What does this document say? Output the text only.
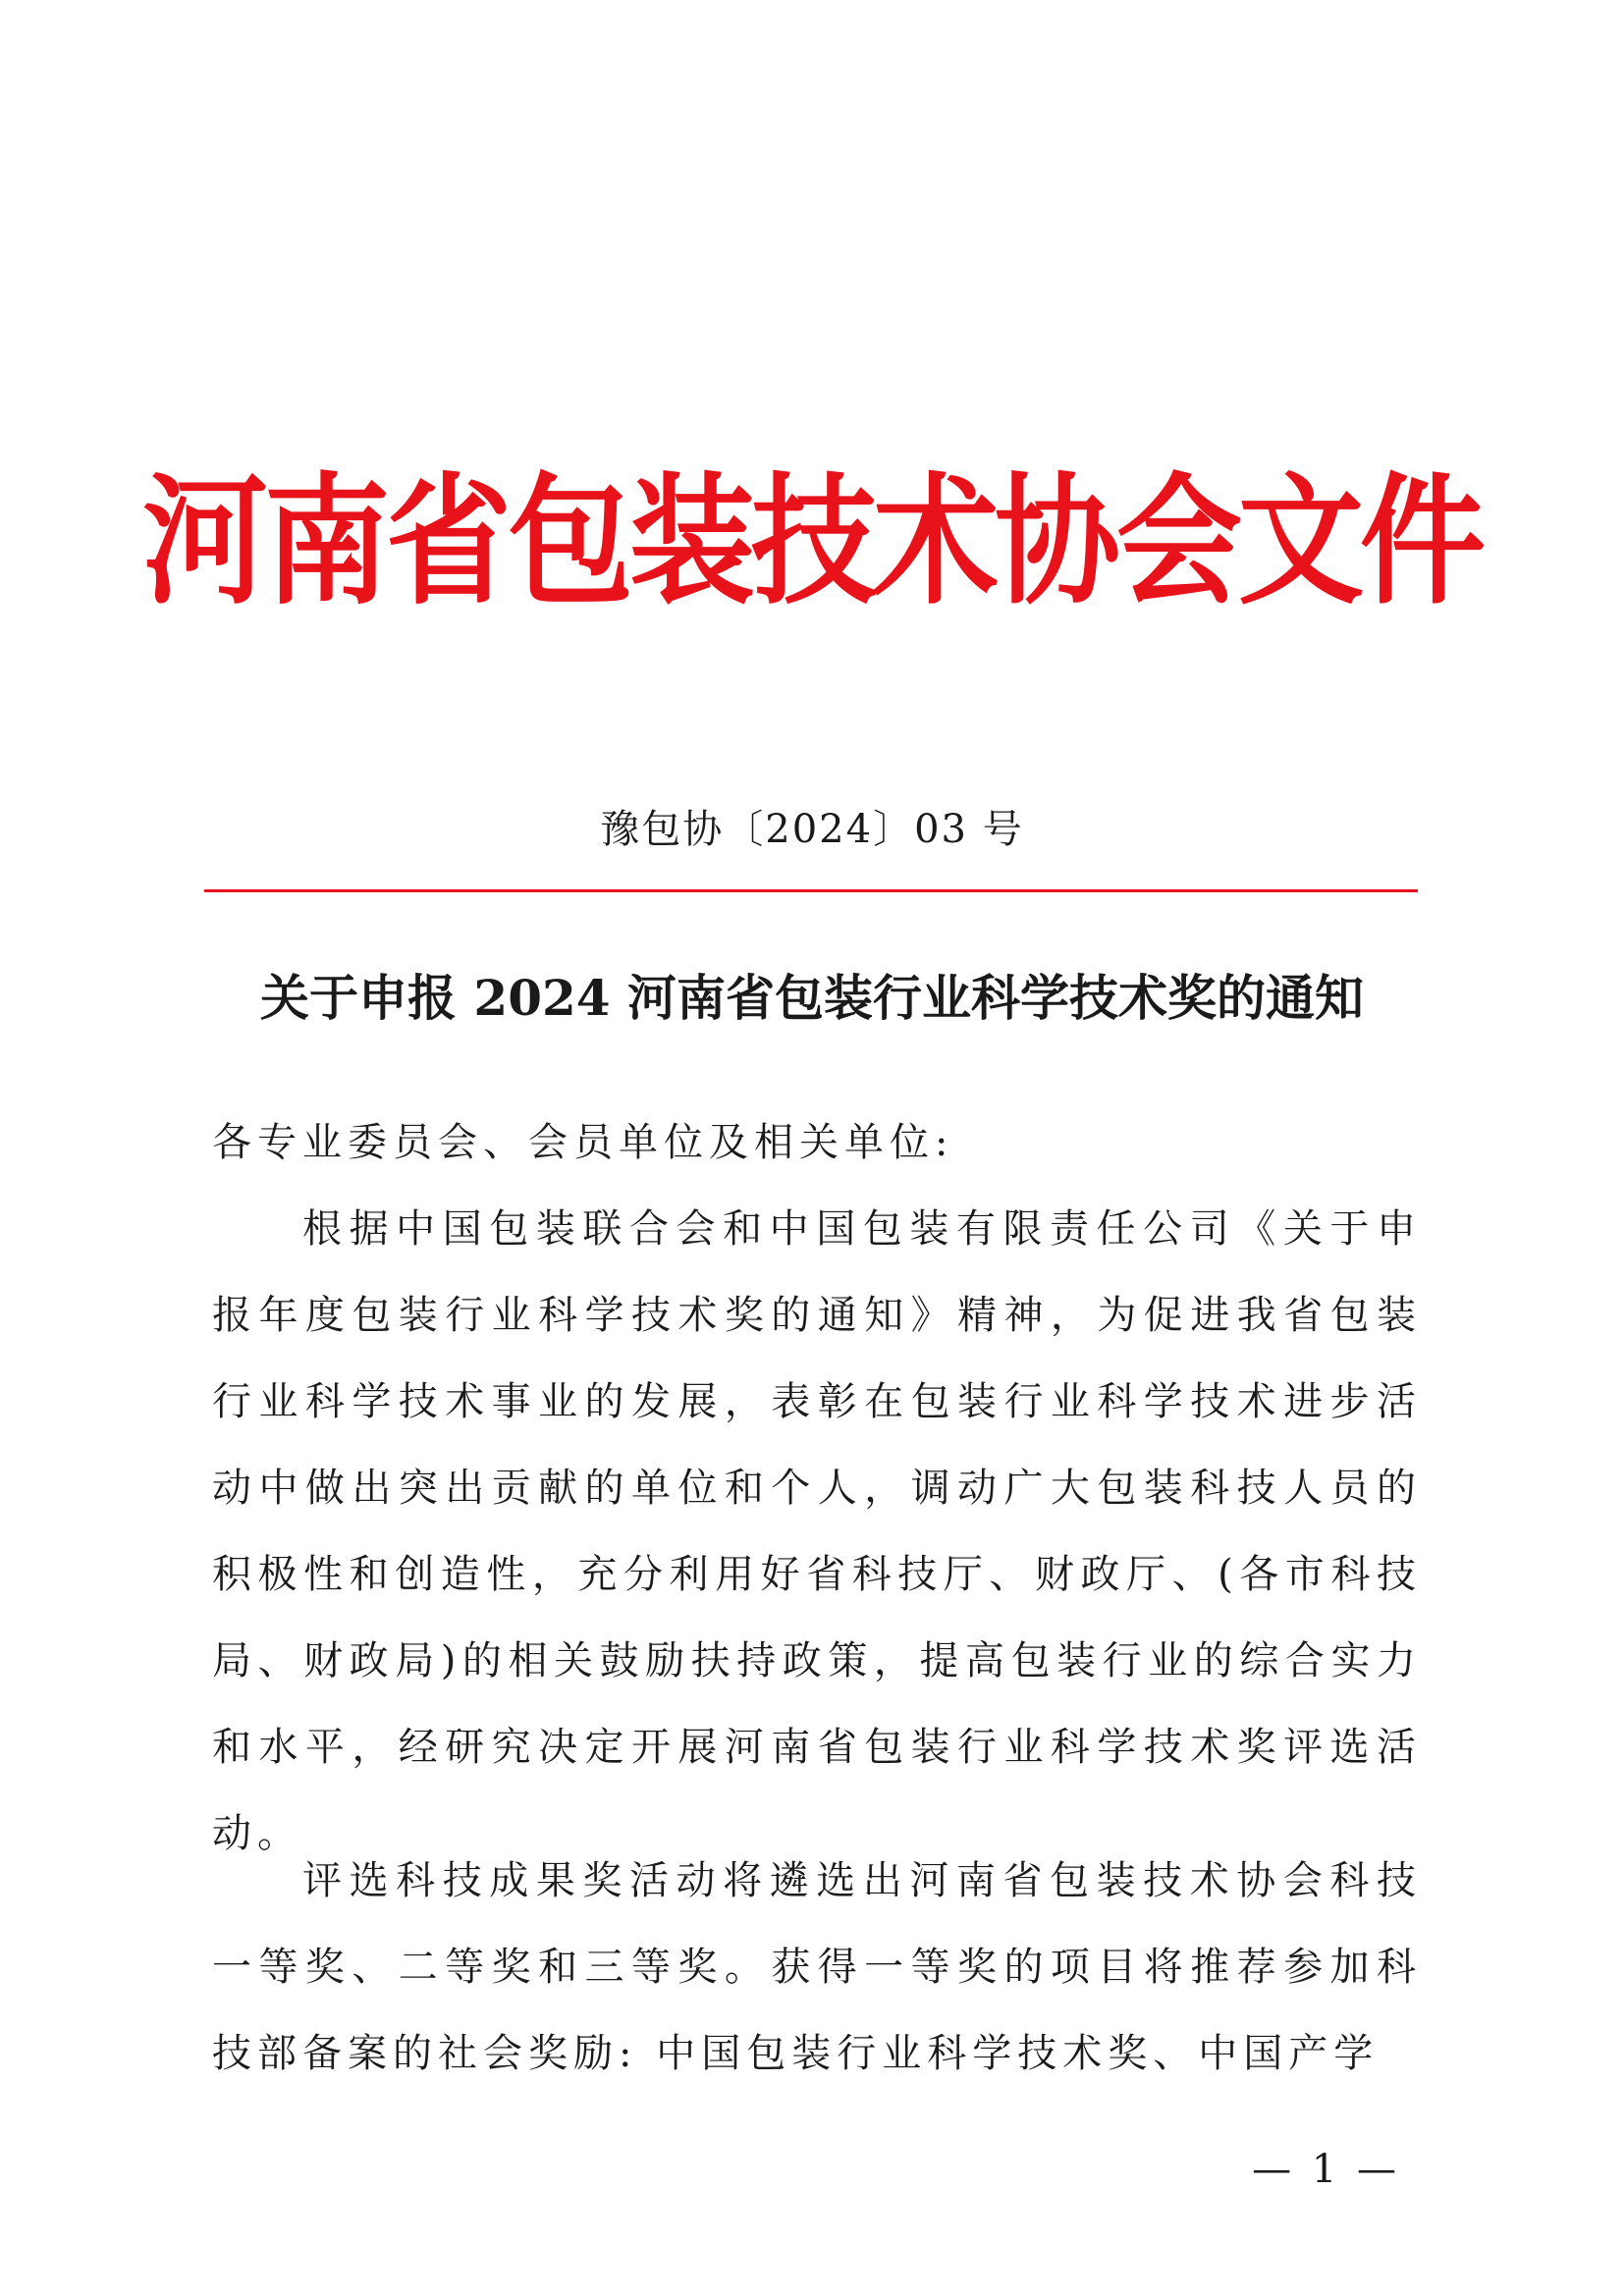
河南省包装技术协会文件
豫包协〔2024〕03 号
关于申报 2024 河南省包装行业科学技术奖的通知
各专业委员会、会员单位及相关单位:
根据中国包装联合会和中国包装有限责任公司《关于申报年度包装行业科学技术奖的通知》精神，为促进我省包装行业科学技术事业的发展，表彰在包装行业科学技术进步活动中做出突出贡献的单位和个人，调动广大包装科技人员的积极性和创造性，充分利用好省科技厅、财政厅、(各市科技局、财政局)的相关鼓励扶持政策，提高包装行业的综合实力和水平，经研究决定开展河南省包装行业科学技术奖评选活动。
评选科技成果奖活动将遴选出河南省包装技术协会科技一等奖、二等奖和三等奖。获得一等奖的项目将推荐参加科技部备案的社会奖励: 中国包装行业科学技术奖、中国产学
— 1 —
